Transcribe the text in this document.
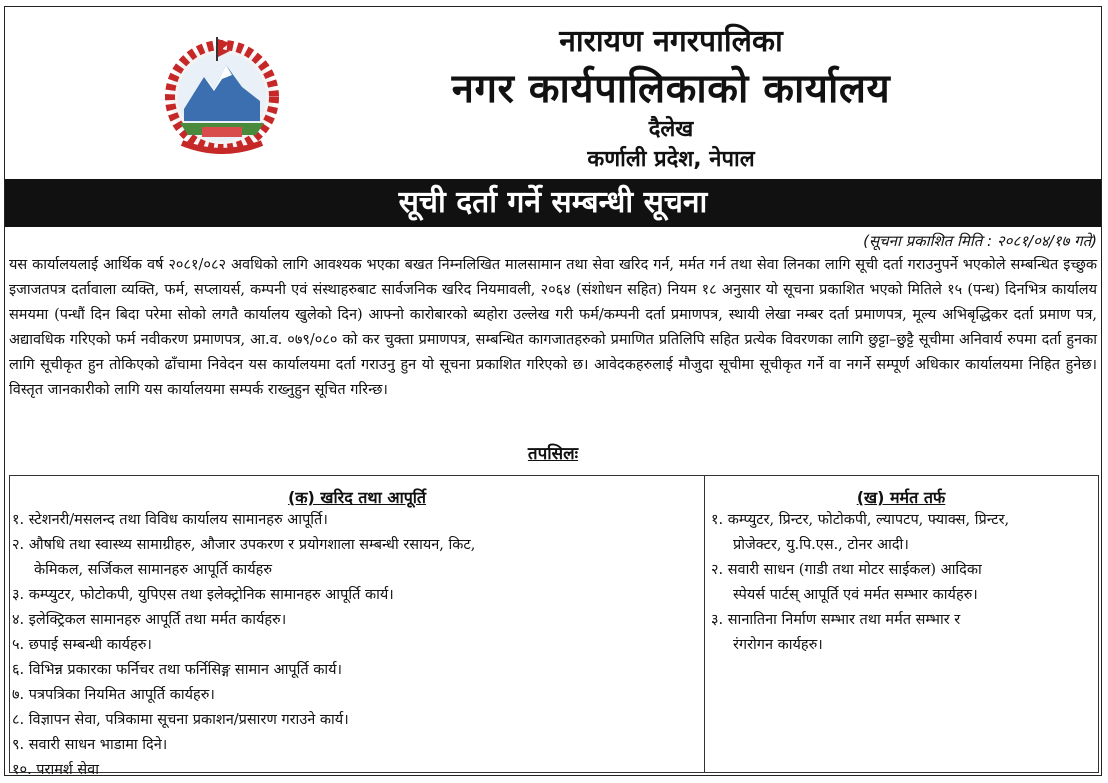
नारायण नगरपालिका
नगर कार्यपालिकाको कार्यालय
दैलेख
कर्णाली प्रदेश, नेपाल
सूची दर्ता गर्ने सम्बन्धी सूचना
(सूचना प्रकाशित मिति : २०८१/०४/१७ गते)
यस कार्यालयलाई आर्थिक वर्ष २०८१/०८२ अवधिको लागि आवश्यक भएका बखत निम्नलिखित मालसामान तथा सेवा खरिद गर्न, मर्मत गर्न तथा सेवा लिनका लागि सूची दर्ता गराउनुपर्ने भएकोले सम्बन्धित इच्छुक इजाजतपत्र दर्तावाला व्यक्ति, फर्म, सप्लायर्स, कम्पनी एवं संस्थाहरुबाट सार्वजनिक खरिद नियमावली, २०६४ (संशोधन सहित) नियम १८ अनुसार यो सूचना प्रकाशित भएको मितिले १५ (पन्ध) दिनभित्र कार्यालय समयमा (पन्धौं दिन बिदा परेमा सोको लगतै कार्यालय खुलेको दिन) आफ्नो कारोबारको ब्यहोरा उल्लेख गरी फर्म/कम्पनी दर्ता प्रमाणपत्र, स्थायी लेखा नम्बर दर्ता प्रमाणपत्र, मूल्य अभिबृद्धिकर दर्ता प्रमाण पत्र, अद्यावधिक गरिएको फर्म नवीकरण प्रमाणपत्र, आ.व. ०७९/०८० को कर चुक्ता प्रमाणपत्र, सम्बन्धित कागजातहरुको प्रमाणित प्रतिलिपि सहित प्रत्येक विवरणका लागि छुट्टा–छुट्टै सूचीमा अनिवार्य रुपमा दर्ता हुनका लागि सूचीकृत हुन तोकिएको ढाँचामा निवेदन यस कार्यालयमा दर्ता गराउनु हुन यो सूचना प्रकाशित गरिएको छ। आवेदकहरुलाई मौजुदा सूचीमा सूचीकृत गर्ने वा नगर्ने सम्पूर्ण अधिकार कार्यालयमा निहित हुनेछ। विस्तृत जानकारीको लागि यस कार्यालयमा सम्पर्क राख्नुहुन सूचित गरिन्छ।
तपसिलः
(क) खरिद तथा आपूर्ति
१. स्टेशनरी/मसलन्द तथा विविध कार्यालय सामानहरु आपूर्ति।
२. औषधि तथा स्वास्थ्य सामाग्रीहरु, औजार उपकरण र प्रयोगशाला सम्बन्धी रसायन, किट,
केमिकल, सर्जिकल सामानहरु आपूर्ति कार्यहरु
३. कम्प्युटर, फोटोकपी, युपिएस तथा इलेक्ट्रोनिक सामानहरु आपूर्ति कार्य।
४. इलेक्ट्रिकल सामानहरु आपूर्ति तथा मर्मत कार्यहरु।
५. छपाई सम्बन्धी कार्यहरु।
६. विभिन्न प्रकारका फर्निचर तथा फर्निसिङ्ग सामान आपूर्ति कार्य।
७. पत्रपत्रिका नियमित आपूर्ति कार्यहरु।
८. विज्ञापन सेवा, पत्रिकामा सूचना प्रकाशन/प्रसारण गराउने कार्य।
९. सवारी साधन भाडामा दिने।
१०. परामर्श सेवा
(ख) मर्मत तर्फ
१. कम्प्युटर, प्रिन्टर, फोटोकपी, ल्यापटप, फ्याक्स, प्रिन्टर,
प्रोजेक्टर, यु.पि.एस., टोनर आदी।
२. सवारी साधन (गाडी तथा मोटर साईकल) आदिका
स्पेयर्स पार्टस् आपूर्ति एवं मर्मत सम्भार कार्यहरु।
३. सानातिना निर्माण सम्भार तथा मर्मत सम्भार र
रंगरोगन कार्यहरु।
